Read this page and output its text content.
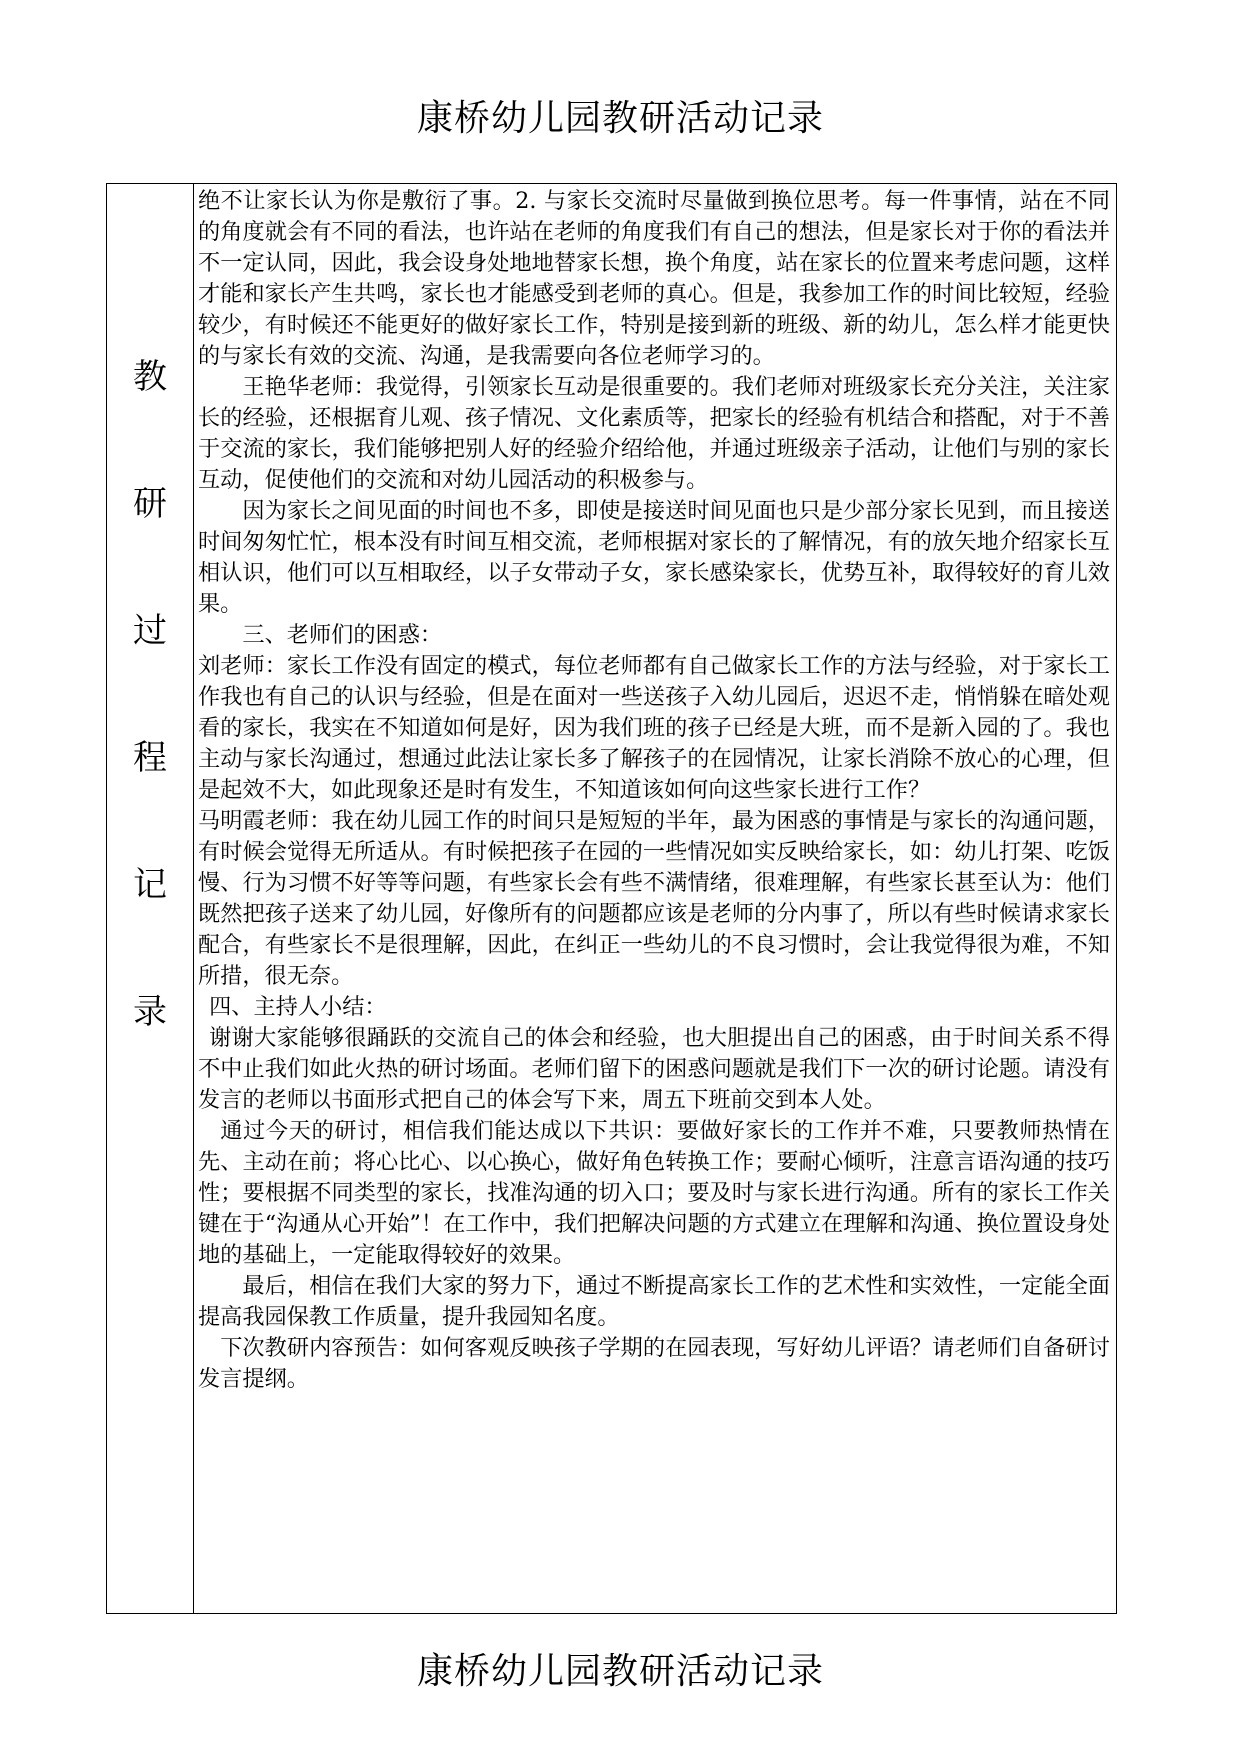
康桥幼儿园教研活动记录
教
研
过
程
记
录

绝不让家长认为你是敷衍了事。2. 与家长交流时尽量做到换位思考。每一件事情，站在不同的角度就会有不同的看法，也许站在老师的角度我们有自己的想法，但是家长对于你的看法并不一定认同，因此，我会设身处地地替家长想，换个角度，站在家长的位置来考虑问题，这样才能和家长产生共鸣，家长也才能感受到老师的真心。但是，我参加工作的时间比较短，经验较少，有时候还不能更好的做好家长工作，特别是接到新的班级、新的幼儿，怎么样才能更快的与家长有效的交流、沟通，是我需要向各位老师学习的。

王艳华老师：我觉得，引领家长互动是很重要的。我们老师对班级家长充分关注，关注家长的经验，还根据育儿观、孩子情况、文化素质等，把家长的经验有机结合和搭配，对于不善于交流的家长，我们能够把别人好的经验介绍给他，并通过班级亲子活动，让他们与别的家长互动，促使他们的交流和对幼儿园活动的积极参与。

因为家长之间见面的时间也不多，即使是接送时间见面也只是少部分家长见到，而且接送时间匆匆忙忙，根本没有时间互相交流，老师根据对家长的了解情况，有的放矢地介绍家长互相认识，他们可以互相取经，以子女带动子女，家长感染家长，优势互补，取得较好的育儿效果。

三、老师们的困惑：

刘老师：家长工作没有固定的模式，每位老师都有自己做家长工作的方法与经验，对于家长工作我也有自己的认识与经验，但是在面对一些送孩子入幼儿园后，迟迟不走，悄悄躲在暗处观看的家长，我实在不知道如何是好，因为我们班的孩子已经是大班，而不是新入园的了。我也主动与家长沟通过，想通过此法让家长多了解孩子的在园情况，让家长消除不放心的心理，但是起效不大，如此现象还是时有发生，不知道该如何向这些家长进行工作？

马明霞老师：我在幼儿园工作的时间只是短短的半年，最为困惑的事情是与家长的沟通问题，有时候会觉得无所适从。有时候把孩子在园的一些情况如实反映给家长，如：幼儿打架、吃饭慢、行为习惯不好等等问题，有些家长会有些不满情绪，很难理解，有些家长甚至认为：他们既然把孩子送来了幼儿园，好像所有的问题都应该是老师的分内事了，所以有些时候请求家长配合，有些家长不是很理解，因此，在纠正一些幼儿的不良习惯时，会让我觉得很为难，不知所措，很无奈。

四、主持人小结：

谢谢大家能够很踊跃的交流自己的体会和经验，也大胆提出自己的困惑，由于时间关系不得不中止我们如此火热的研讨场面。老师们留下的困惑问题就是我们下一次的研讨论题。请没有发言的老师以书面形式把自己的体会写下来，周五下班前交到本人处。

通过今天的研讨，相信我们能达成以下共识：要做好家长的工作并不难，只要教师热情在先、主动在前；将心比心、以心换心，做好角色转换工作；要耐心倾听，注意言语沟通的技巧性；要根据不同类型的家长，找准沟通的切入口；要及时与家长进行沟通。所有的家长工作关键在于“沟通从心开始”！在工作中，我们把解决问题的方式建立在理解和沟通、换位置设身处地的基础上，一定能取得较好的效果。

最后，相信在我们大家的努力下，通过不断提高家长工作的艺术性和实效性，一定能全面提高我园保教工作质量，提升我园知名度。

下次教研内容预告：如何客观反映孩子学期的在园表现，写好幼儿评语？请老师们自备研讨发言提纲。

康桥幼儿园教研活动记录
